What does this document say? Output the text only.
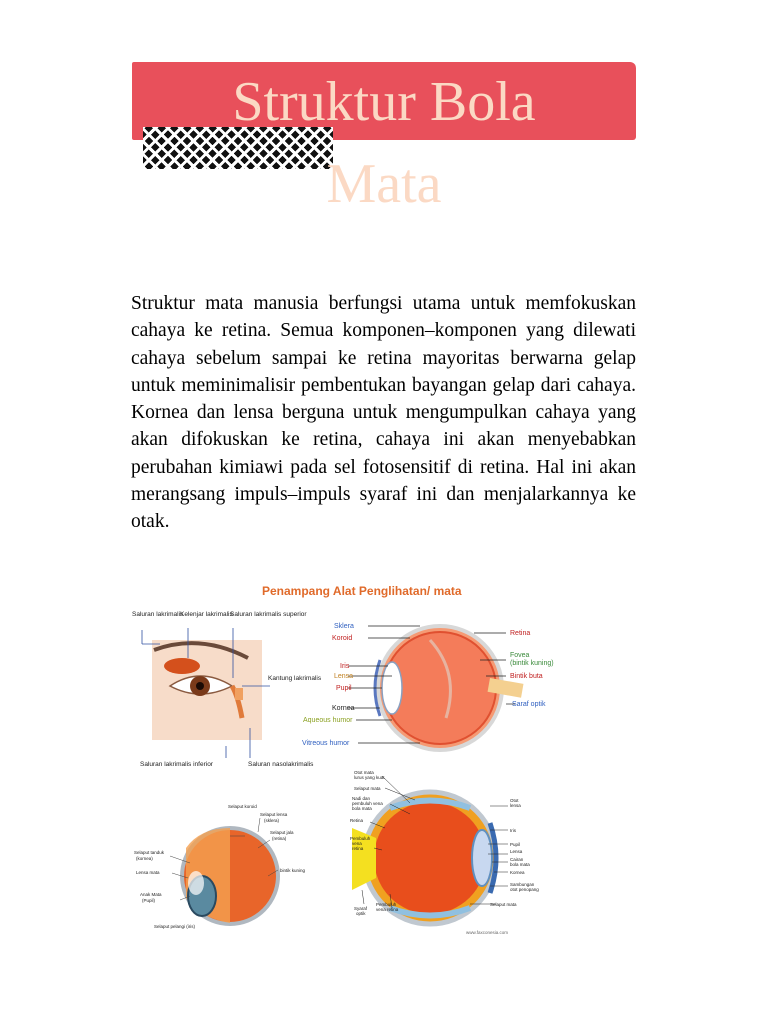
Struktur Bola
Mata

Struktur mata manusia berfungsi utama untuk memfokuskan cahaya ke retina. Semua komponen–komponen yang dilewati cahaya sebelum sampai ke retina mayoritas berwarna gelap untuk meminimalisir pembentukan bayangan gelap dari cahaya. Kornea dan lensa berguna untuk mengumpulkan cahaya yang akan difokuskan ke retina, cahaya ini akan menyebabkan perubahan kimiawi pada sel fotosensitif di retina. Hal ini akan merangsang impuls–impuls syaraf ini dan menjalarkannya ke otak.

Penampang Alat Penglihatan/ mata
Saluran lakrimalis
Kelenjar lakrimalis
Saluran lakrimalis superior
Kantung lakrimalis
Saluran lakrimalis inferior	Saluran nasolakrimalis
Sklera
Koroid
Iris
Lensa
Pupil
Kornea
Aqueous humor
Vitreous humor
Retina
Fovea
(bintik kuning)
Bintik buta
Saraf optik
Selaput koroid
Selaput lensa
(sklera)
Selaput jala
(retina)
Selaput tanduk
(kornea)
Lensa mata	bintik kuning
Anak Mata
(Pupil)
Selaput pelangi (iris)
Otot mata
lurus yang kuat
Selaput mata
Nadi dan
pembuluh vena
bola mata
Retina
Pembuluh
vena
retina
Otot
lensa
Iris
Pupil
Lensa
Cairan
bola mata
Kornea
Sambungan
otot penopang
Syaraf
optik
Pembuluh
vena retina
Selaput mata
www.faxconesia.com
